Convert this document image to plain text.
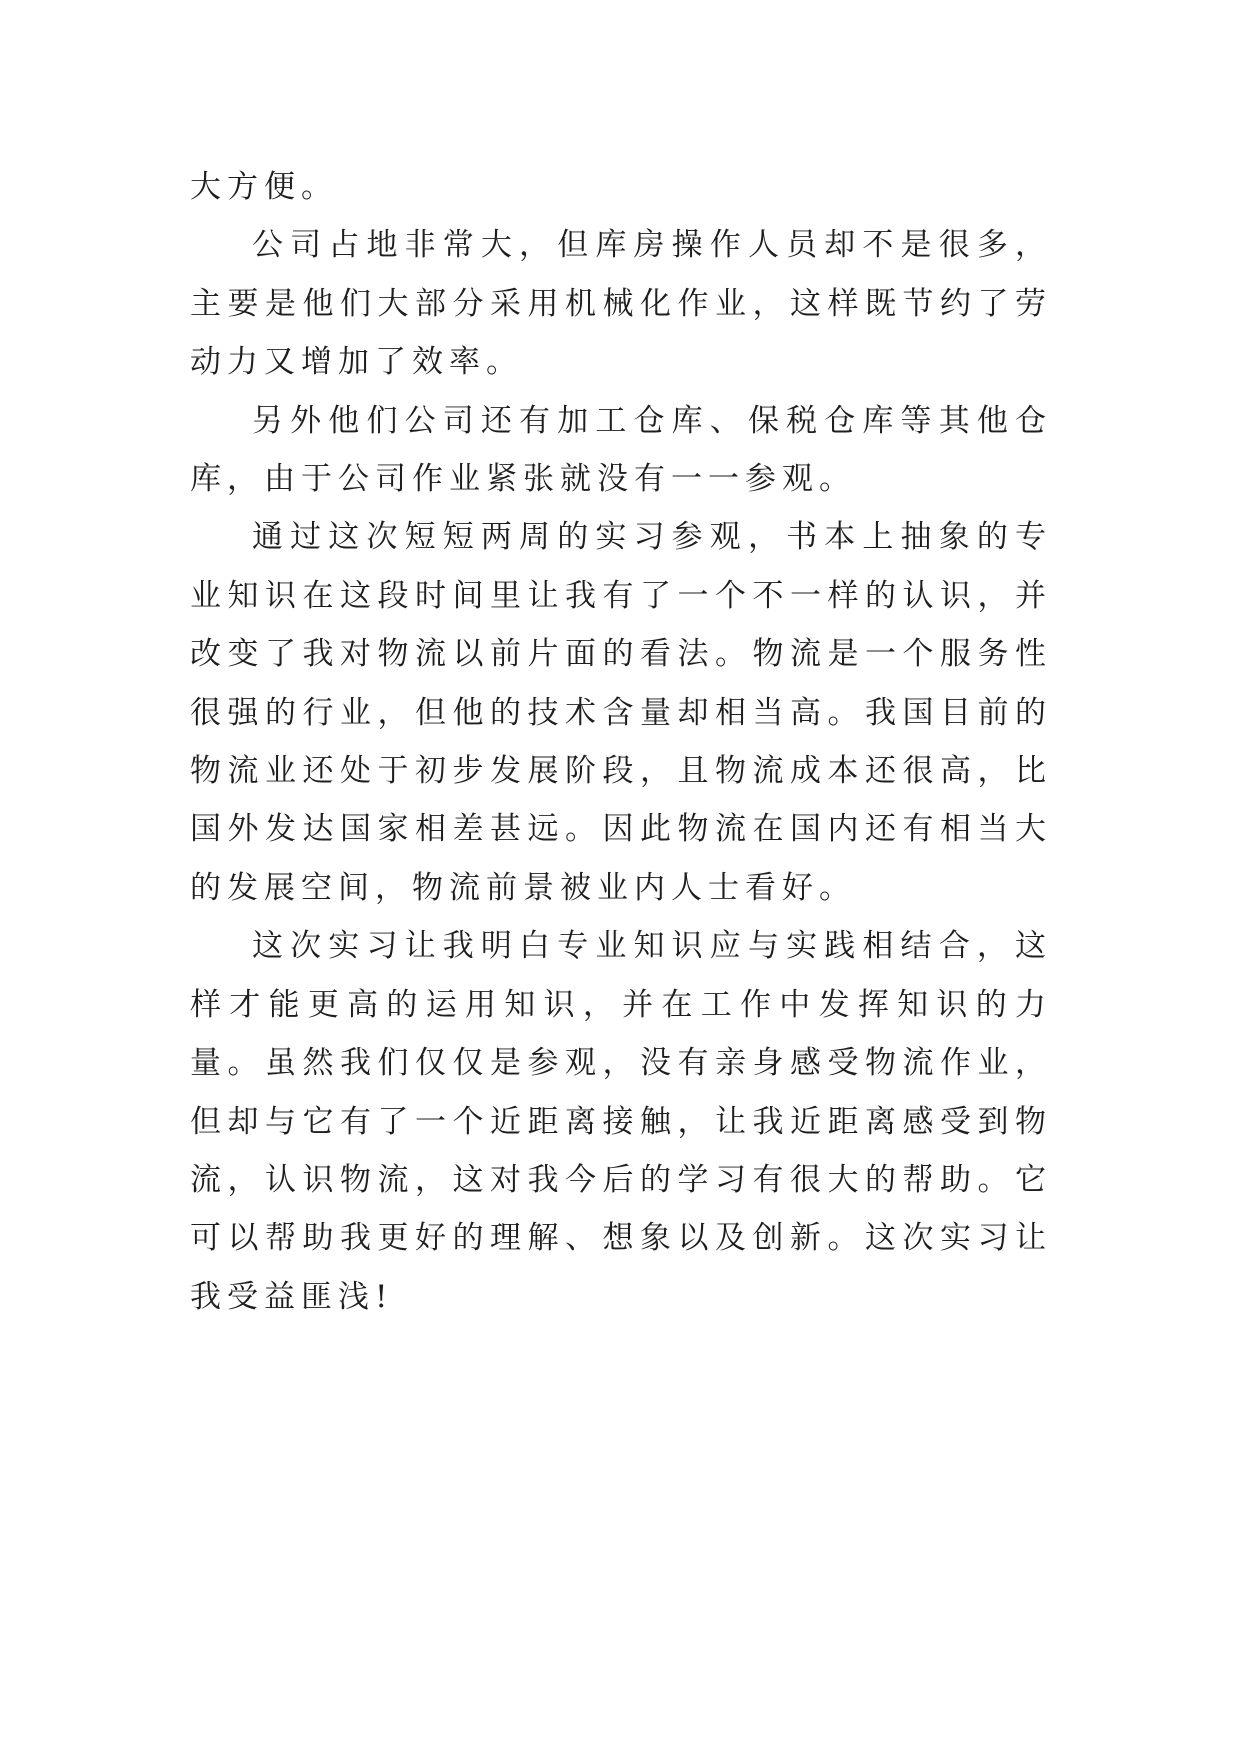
大方便。

公司占地非常大，但库房操作人员却不是很多，主要是他们大部分采用机械化作业，这样既节约了劳动力又增加了效率。

另外他们公司还有加工仓库、保税仓库等其他仓库，由于公司作业紧张就没有一一参观。

通过这次短短两周的实习参观，书本上抽象的专业知识在这段时间里让我有了一个不一样的认识，并改变了我对物流以前片面的看法。物流是一个服务性很强的行业，但他的技术含量却相当高。我国目前的物流业还处于初步发展阶段，且物流成本还很高，比国外发达国家相差甚远。因此物流在国内还有相当大的发展空间，物流前景被业内人士看好。

这次实习让我明白专业知识应与实践相结合，这样才能更高的运用知识，并在工作中发挥知识的力量。虽然我们仅仅是参观，没有亲身感受物流作业，但却与它有了一个近距离接触，让我近距离感受到物流，认识物流，这对我今后的学习有很大的帮助。它可以帮助我更好的理解、想象以及创新。这次实习让我受益匪浅!
